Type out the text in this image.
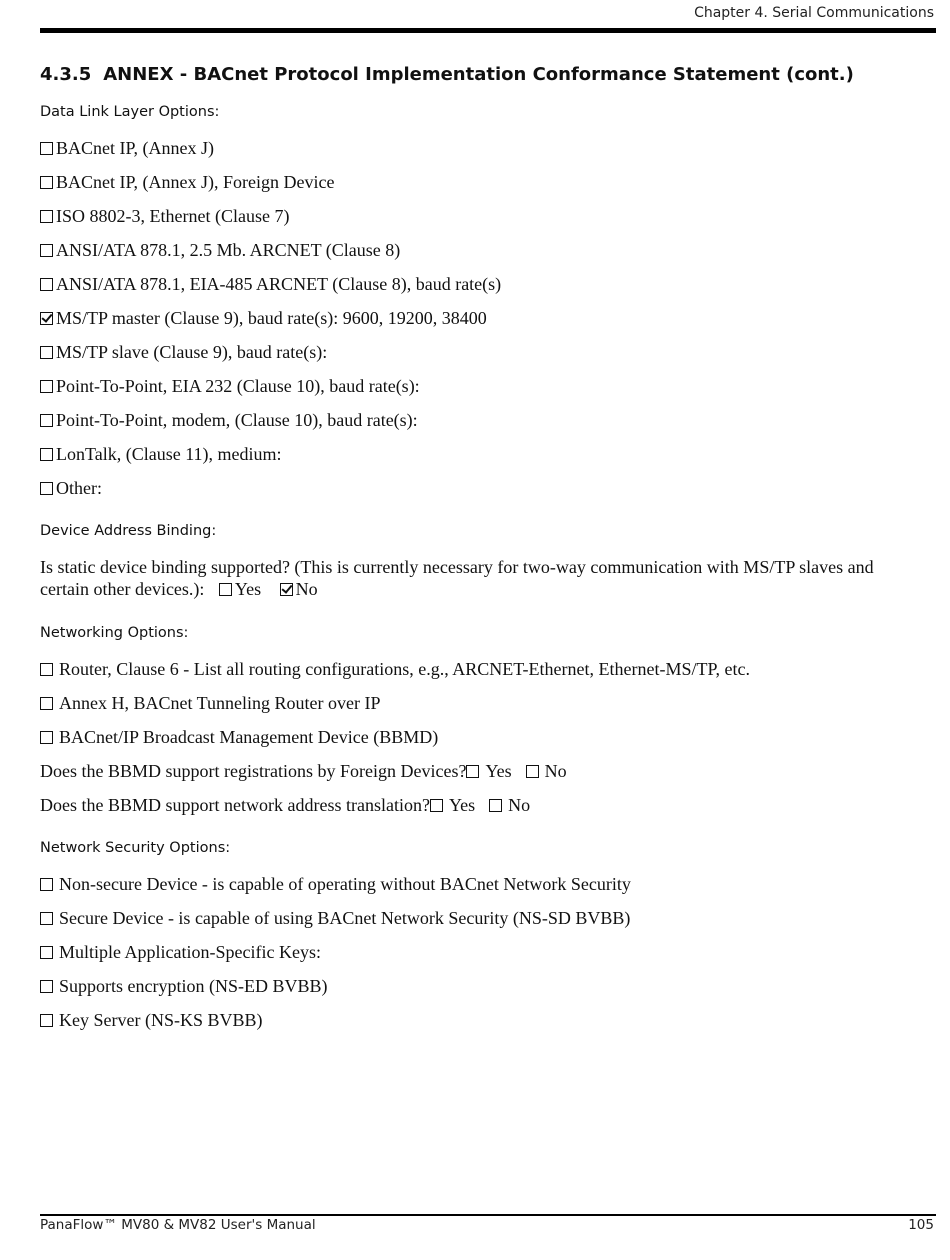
Chapter 4. Serial Communications
4.3.5 ANNEX - BACnet Protocol Implementation Conformance Statement (cont.)
Data Link Layer Options:
BACnet IP, (Annex J)
BACnet IP, (Annex J), Foreign Device
ISO 8802-3, Ethernet (Clause 7)
ANSI/ATA 878.1, 2.5 Mb. ARCNET (Clause 8)
ANSI/ATA 878.1, EIA-485 ARCNET (Clause 8), baud rate(s)
MS/TP master (Clause 9), baud rate(s): 9600, 19200, 38400
MS/TP slave (Clause 9), baud rate(s):
Point-To-Point, EIA 232 (Clause 10), baud rate(s):
Point-To-Point, modem, (Clause 10), baud rate(s):
LonTalk, (Clause 11), medium:
Other:
Device Address Binding:
Is static device binding supported? (This is currently necessary for two-way communication with MS/TP slaves and certain other devices.): Yes No
Networking Options:
Router, Clause 6 - List all routing configurations, e.g., ARCNET-Ethernet, Ethernet-MS/TP, etc.
Annex H, BACnet Tunneling Router over IP
BACnet/IP Broadcast Management Device (BBMD)
Does the BBMD support registrations by Foreign Devices? Yes No
Does the BBMD support network address translation? Yes No
Network Security Options:
Non-secure Device - is capable of operating without BACnet Network Security
Secure Device - is capable of using BACnet Network Security (NS-SD BVBB)
Multiple Application-Specific Keys:
Supports encryption (NS-ED BVBB)
Key Server (NS-KS BVBB)
PanaFlow™ MV80 & MV82 User's Manual	105
